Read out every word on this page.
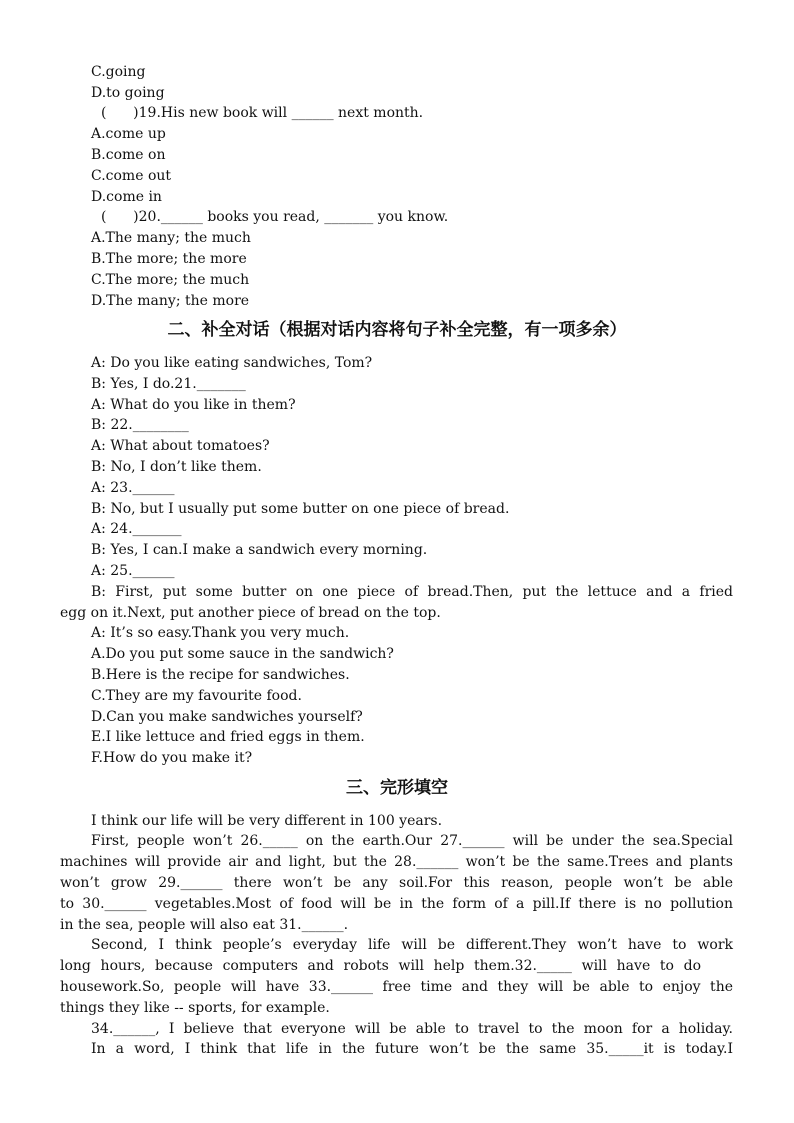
C.going
D.to going
(      )19.His new book will ______ next month.
A.come up
B.come on
C.come out
D.come in
(      )20.______ books you read, _______ you know.
A.The many; the much
B.The more; the more
C.The more; the much
D.The many; the more
二、补全对话（根据对话内容将句子补全完整，有一项多余）
A: Do you like eating sandwiches, Tom?
B: Yes, I do.21._______
A: What do you like in them?
B: 22.________
A: What about tomatoes?
B: No, I don’t like them.
A: 23.______
B: No, but I usually put some butter on one piece of bread.
A: 24._______
B: Yes, I can.I make a sandwich every morning.
A: 25.______
B: First, put some butter on one piece of bread.Then, put the lettuce and a fried
egg on it.Next, put another piece of bread on the top.
A: It’s so easy.Thank you very much.
A.Do you put some sauce in the sandwich?
B.Here is the recipe for sandwiches.
C.They are my favourite food.
D.Can you make sandwiches yourself?
E.I like lettuce and fried eggs in them.
F.How do you make it?
三、完形填空
I think our life will be very different in 100 years.
First, people won’t 26._____ on the earth.Our 27.______ will be under the sea.Special
machines will provide air and light, but the 28.______ won’t be the same.Trees and plants
won’t grow 29.______ there won’t be any soil.For this reason, people won’t be able
to 30.______ vegetables.Most of food will be in the form of a pill.If there is no pollution
in the sea, people will also eat 31.______.
Second, I think people’s everyday life will be different.They won’t have to work
long hours, because computers and robots will help them.32._____ will have to do
housework.So, people will have 33.______ free time and they will be able to enjoy the
things they like -- sports, for example.
34.______, I believe that everyone will be able to travel to the moon for a holiday.
In a word, I think that life in the future won’t be the same 35._____it is today.I
